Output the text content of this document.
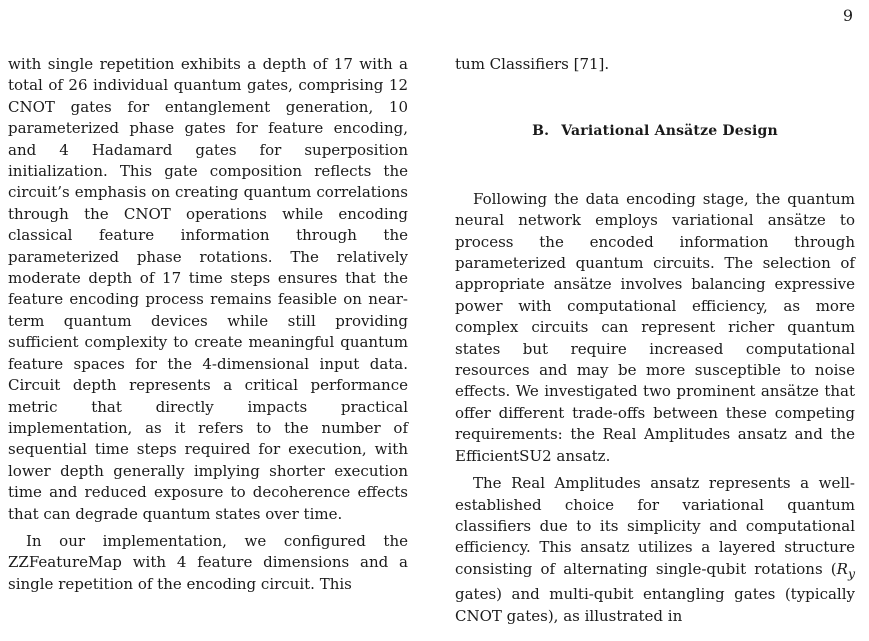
9

with single repetition exhibits a depth of 17 with a total of 26 individual quantum gates, comprising 12 CNOT gates for entanglement generation, 10 parameterized phase gates for feature encoding, and 4 Hadamard gates for superposition initialization. This gate composition reflects the circuit’s emphasis on creating quantum correlations through the CNOT operations while encoding classical feature information through the parameterized phase rotations. The relatively moderate depth of 17 time steps ensures that the feature encoding process remains feasible on near-term quantum devices while still providing sufficient complexity to create meaningful quantum feature spaces for the 4-dimensional input data. Circuit depth represents a critical performance metric that directly impacts practical implementation, as it refers to the number of sequential time steps required for execution, with lower depth generally implying shorter execution time and reduced exposure to decoherence effects that can degrade quantum states over time.

In our implementation, we configured the ZZFeatureMap with 4 feature dimensions and a single repetition of the encoding circuit. This

tum Classifiers [71].

B. Variational Ansätze Design

Following the data encoding stage, the quantum neural network employs variational ansätze to process the encoded information through parameterized quantum circuits. The selection of appropriate ansätze involves balancing expressive power with computational efficiency, as more complex circuits can represent richer quantum states but require increased computational resources and may be more susceptible to noise effects. We investigated two prominent ansätze that offer different trade-offs between these competing requirements: the Real Amplitudes ansatz and the EfficientSU2 ansatz.

The Real Amplitudes ansatz represents a well-established choice for variational quantum classifiers due to its simplicity and computational efficiency. This ansatz utilizes a layered structure consisting of alternating single-qubit rotations ($R_y$ gates) and multi-qubit entangling gates (typically CNOT gates), as illustrated in
